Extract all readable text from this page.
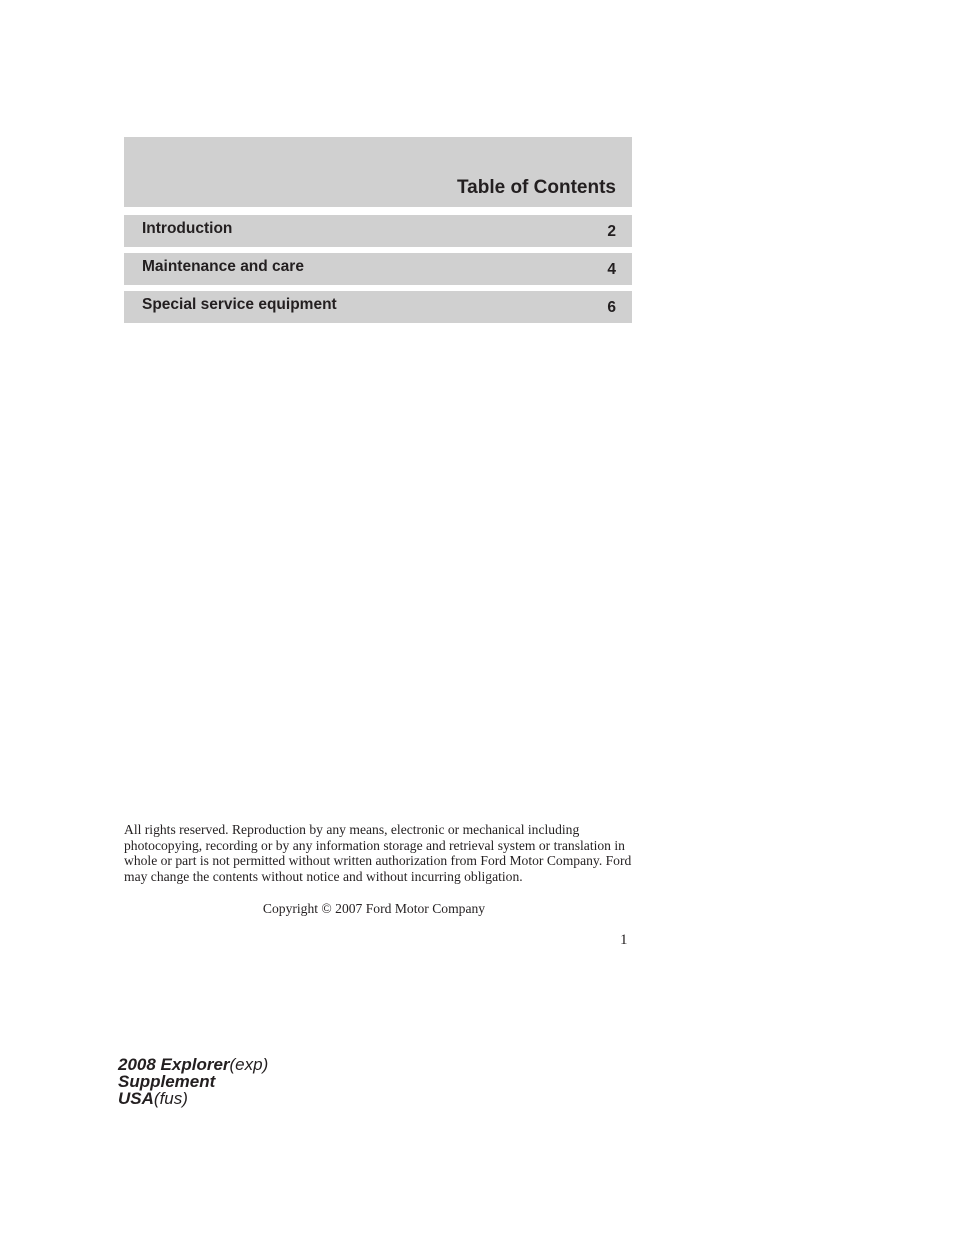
Table of Contents
Introduction	2
Maintenance and care	4
Special service equipment	6

All rights reserved. Reproduction by any means, electronic or mechanical including photocopying, recording or by any information storage and retrieval system or translation in whole or part is not permitted without written authorization from Ford Motor Company. Ford may change the contents without notice and without incurring obligation.

Copyright © 2007 Ford Motor Company
1
2008 Explorer(exp)
Supplement
USA(fus)
